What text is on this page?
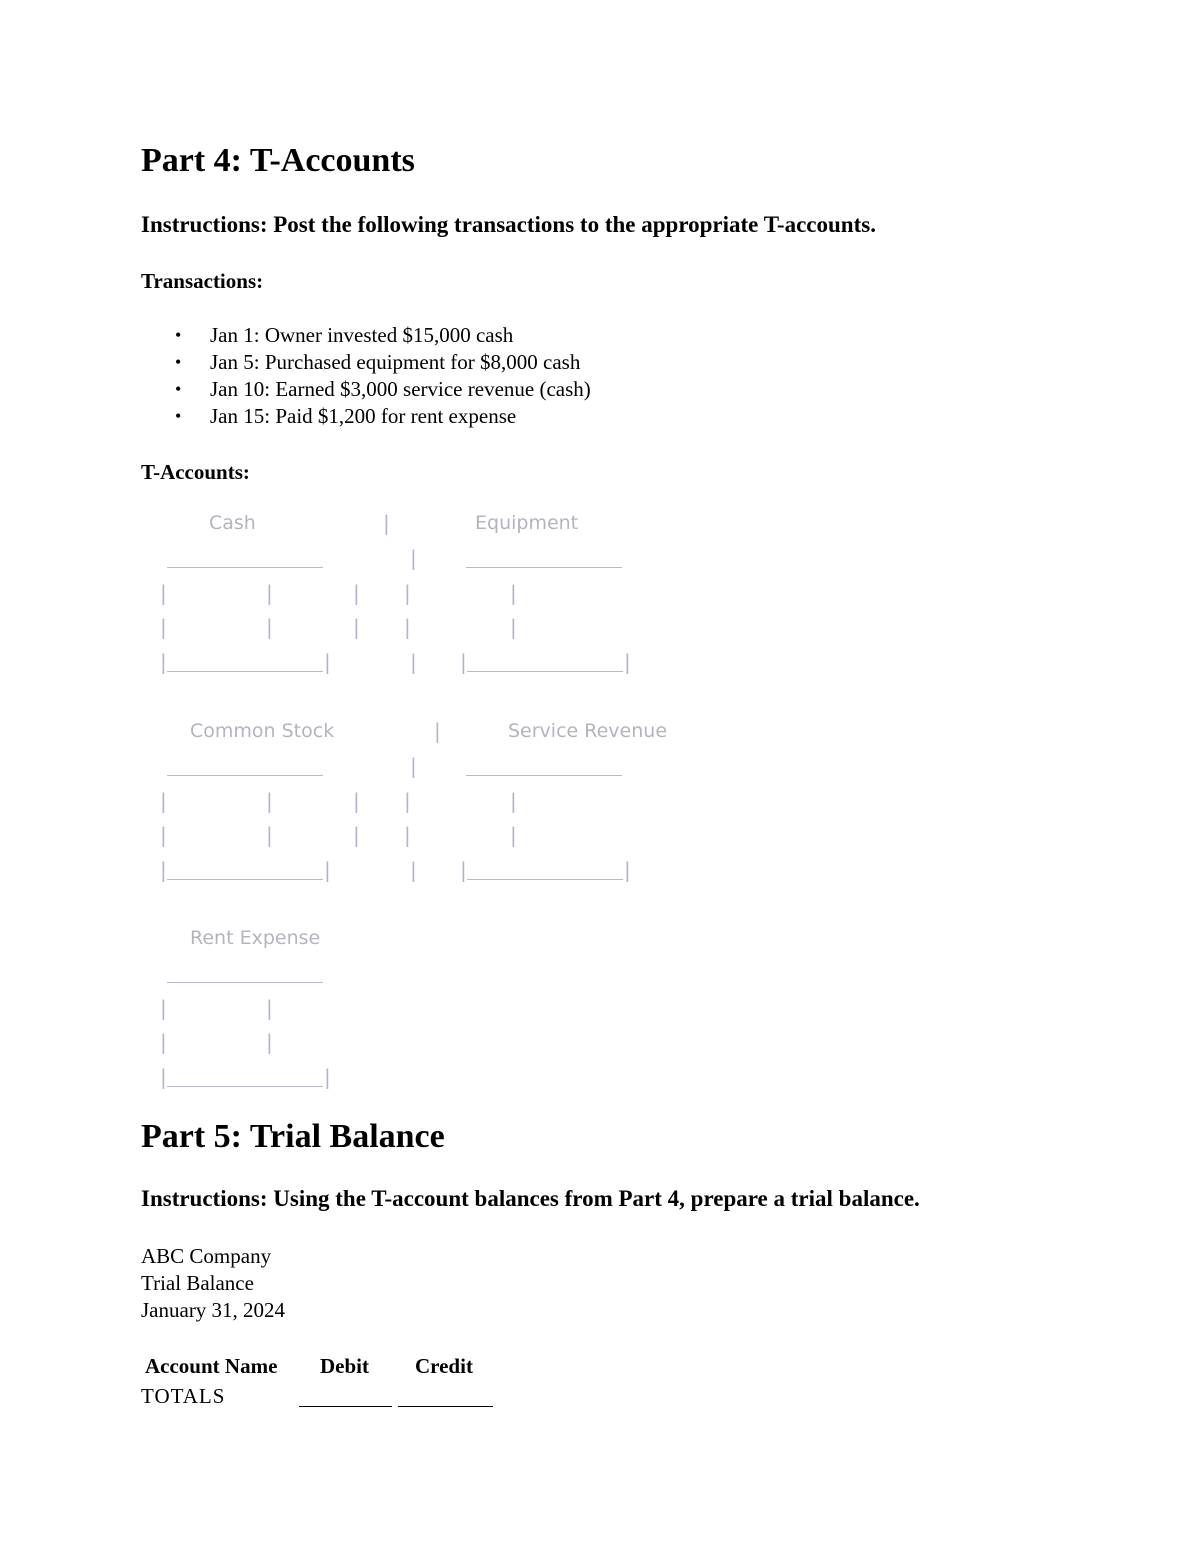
Part 4: T-Accounts
Instructions: Post the following transactions to the appropriate T-accounts.
Transactions:
• Jan 1: Owner invested $15,000 cash
• Jan 5: Purchased equipment for $8,000 cash
• Jan 10: Earned $3,000 service revenue (cash)
• Jan 15: Paid $1,200 for rent expense
T-Accounts:
Cash	|	Equipment
|
|	|	| |	|
|	|	| |	|
|	|	| |	|
Common Stock	|	Service Revenue
|
|	|	| |	|
|	|	| |	|
|	|	| |	|
Rent Expense
|	|
|	|
|	|
Part 5: Trial Balance
Instructions: Using the T-account balances from Part 4, prepare a trial balance.
ABC Company
Trial Balance
January 31, 2024
Account Name Debit Credit
TOTALS
